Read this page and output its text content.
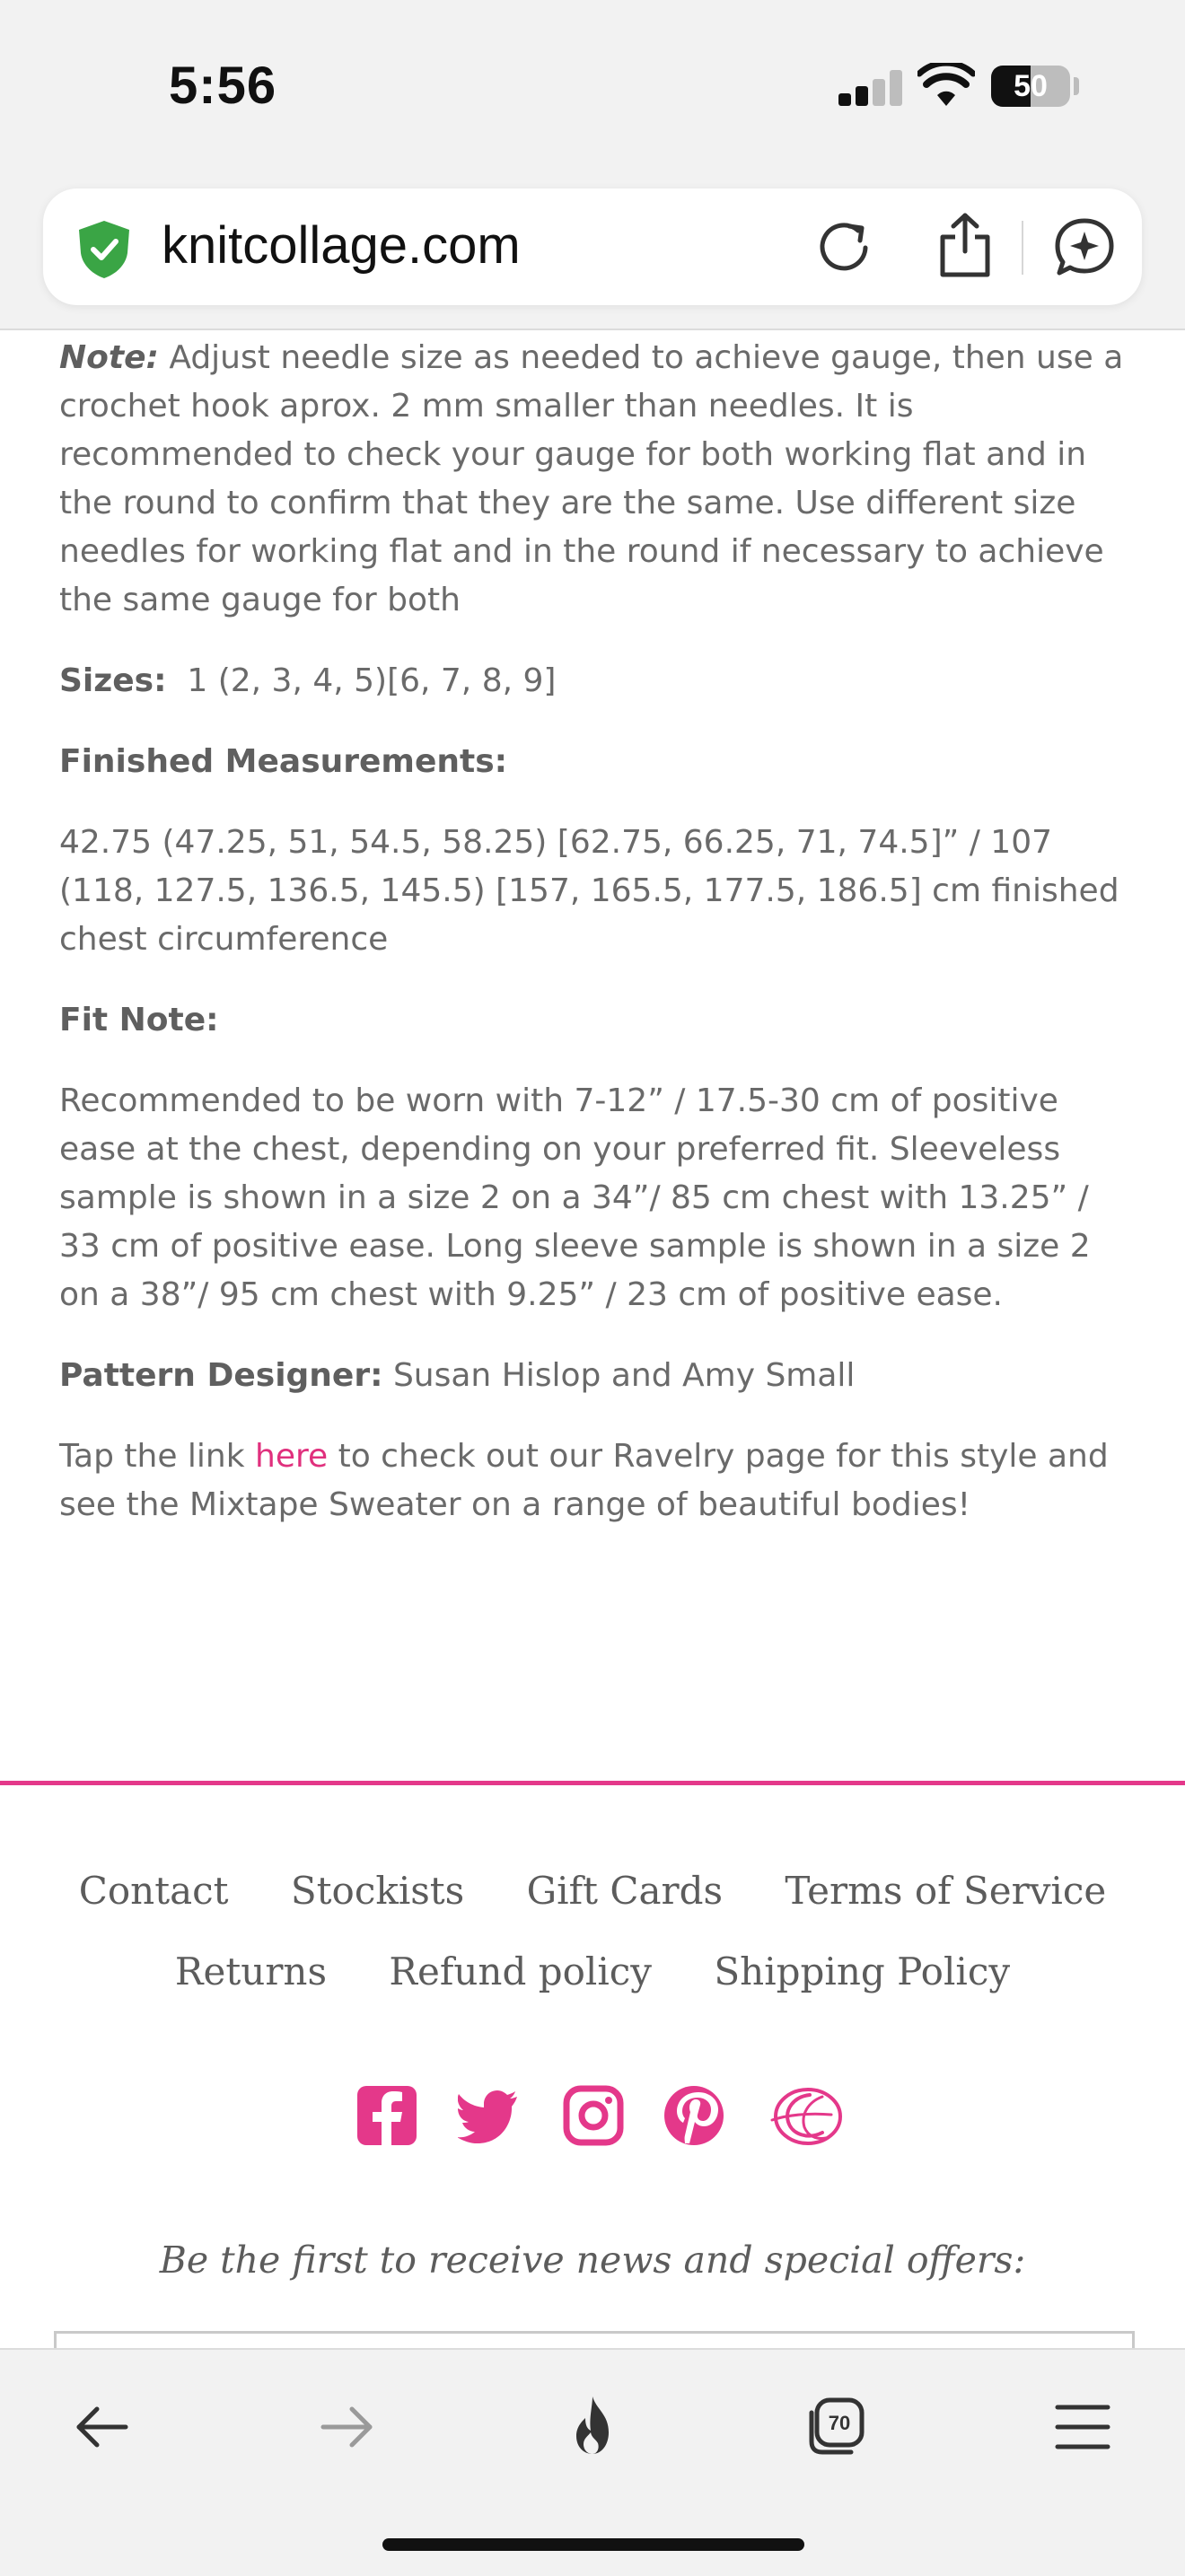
5:56	50
knitcollage.com

Note: Adjust needle size as needed to achieve gauge, then use a crochet hook aprox. 2 mm smaller than needles. It is recommended to check your gauge for both working flat and in the round to confirm that they are the same. Use different size needles for working flat and in the round if necessary to achieve the same gauge for both

Sizes:  1 (2, 3, 4, 5)[6, 7, 8, 9]

Finished Measurements:

42.75 (47.25, 51, 54.5, 58.25) [62.75, 66.25, 71, 74.5]” / 107 (118, 127.5, 136.5, 145.5) [157, 165.5, 177.5, 186.5] cm finished chest circumference

Fit Note:

Recommended to be worn with 7-12” / 17.5-30 cm of positive ease at the chest, depending on your preferred fit. Sleeveless sample is shown in a size 2 on a 34”/ 85 cm chest with 13.25” / 33 cm of positive ease. Long sleeve sample is shown in a size 2 on a 38”/ 95 cm chest with 9.25” / 23 cm of positive ease.

Pattern Designer: Susan Hislop and Amy Small

Tap the link here to check out our Ravelry page for this style and see the Mixtape Sweater on a range of beautiful bodies!

Contact Stockists Gift Cards Terms of Service
Returns Refund policy Shipping Policy
Be the first to receive news and special offers:
70
